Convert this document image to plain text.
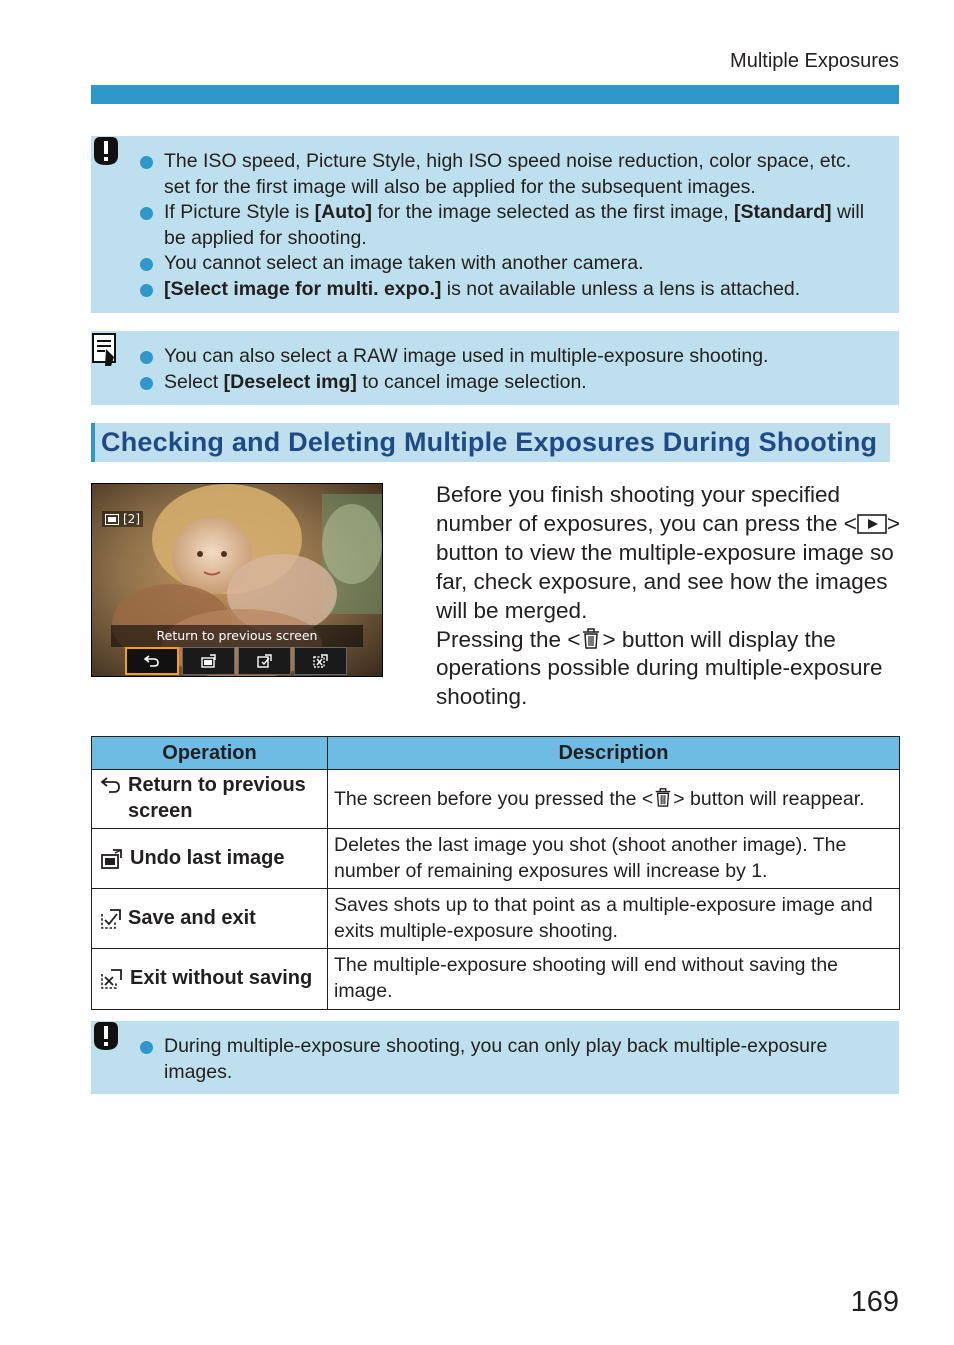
Multiple Exposures
The ISO speed, Picture Style, high ISO speed noise reduction, color space, etc. set for the first image will also be applied for the subsequent images.
If Picture Style is [Auto] for the image selected as the first image, [Standard] will be applied for shooting.
You cannot select an image taken with another camera.
[Select image for multi. expo.] is not available unless a lens is attached.
You can also select a RAW image used in multiple-exposure shooting.
Select [Deselect img] to cancel image selection.
Checking and Deleting Multiple Exposures During Shooting
[2]
Return to previous screen

Before you finish shooting your specified number of exposures, you can press the < > button to view the multiple-exposure image so far, check exposure, and see how the images will be merged.

Pressing the < > button will display the operations possible during multiple-exposure shooting.

Operation	Description

Return to previous screen	The screen before you pressed the < > button will reappear.

Undo last image	Deletes the last image you shot (shoot another image). The number of remaining exposures will increase by 1.

Save and exit	Saves shots up to that point as a multiple-exposure image and exits multiple-exposure shooting.

Exit without saving	The multiple-exposure shooting will end without saving the image.
During multiple-exposure shooting, you can only play back multiple-exposure images.
169
